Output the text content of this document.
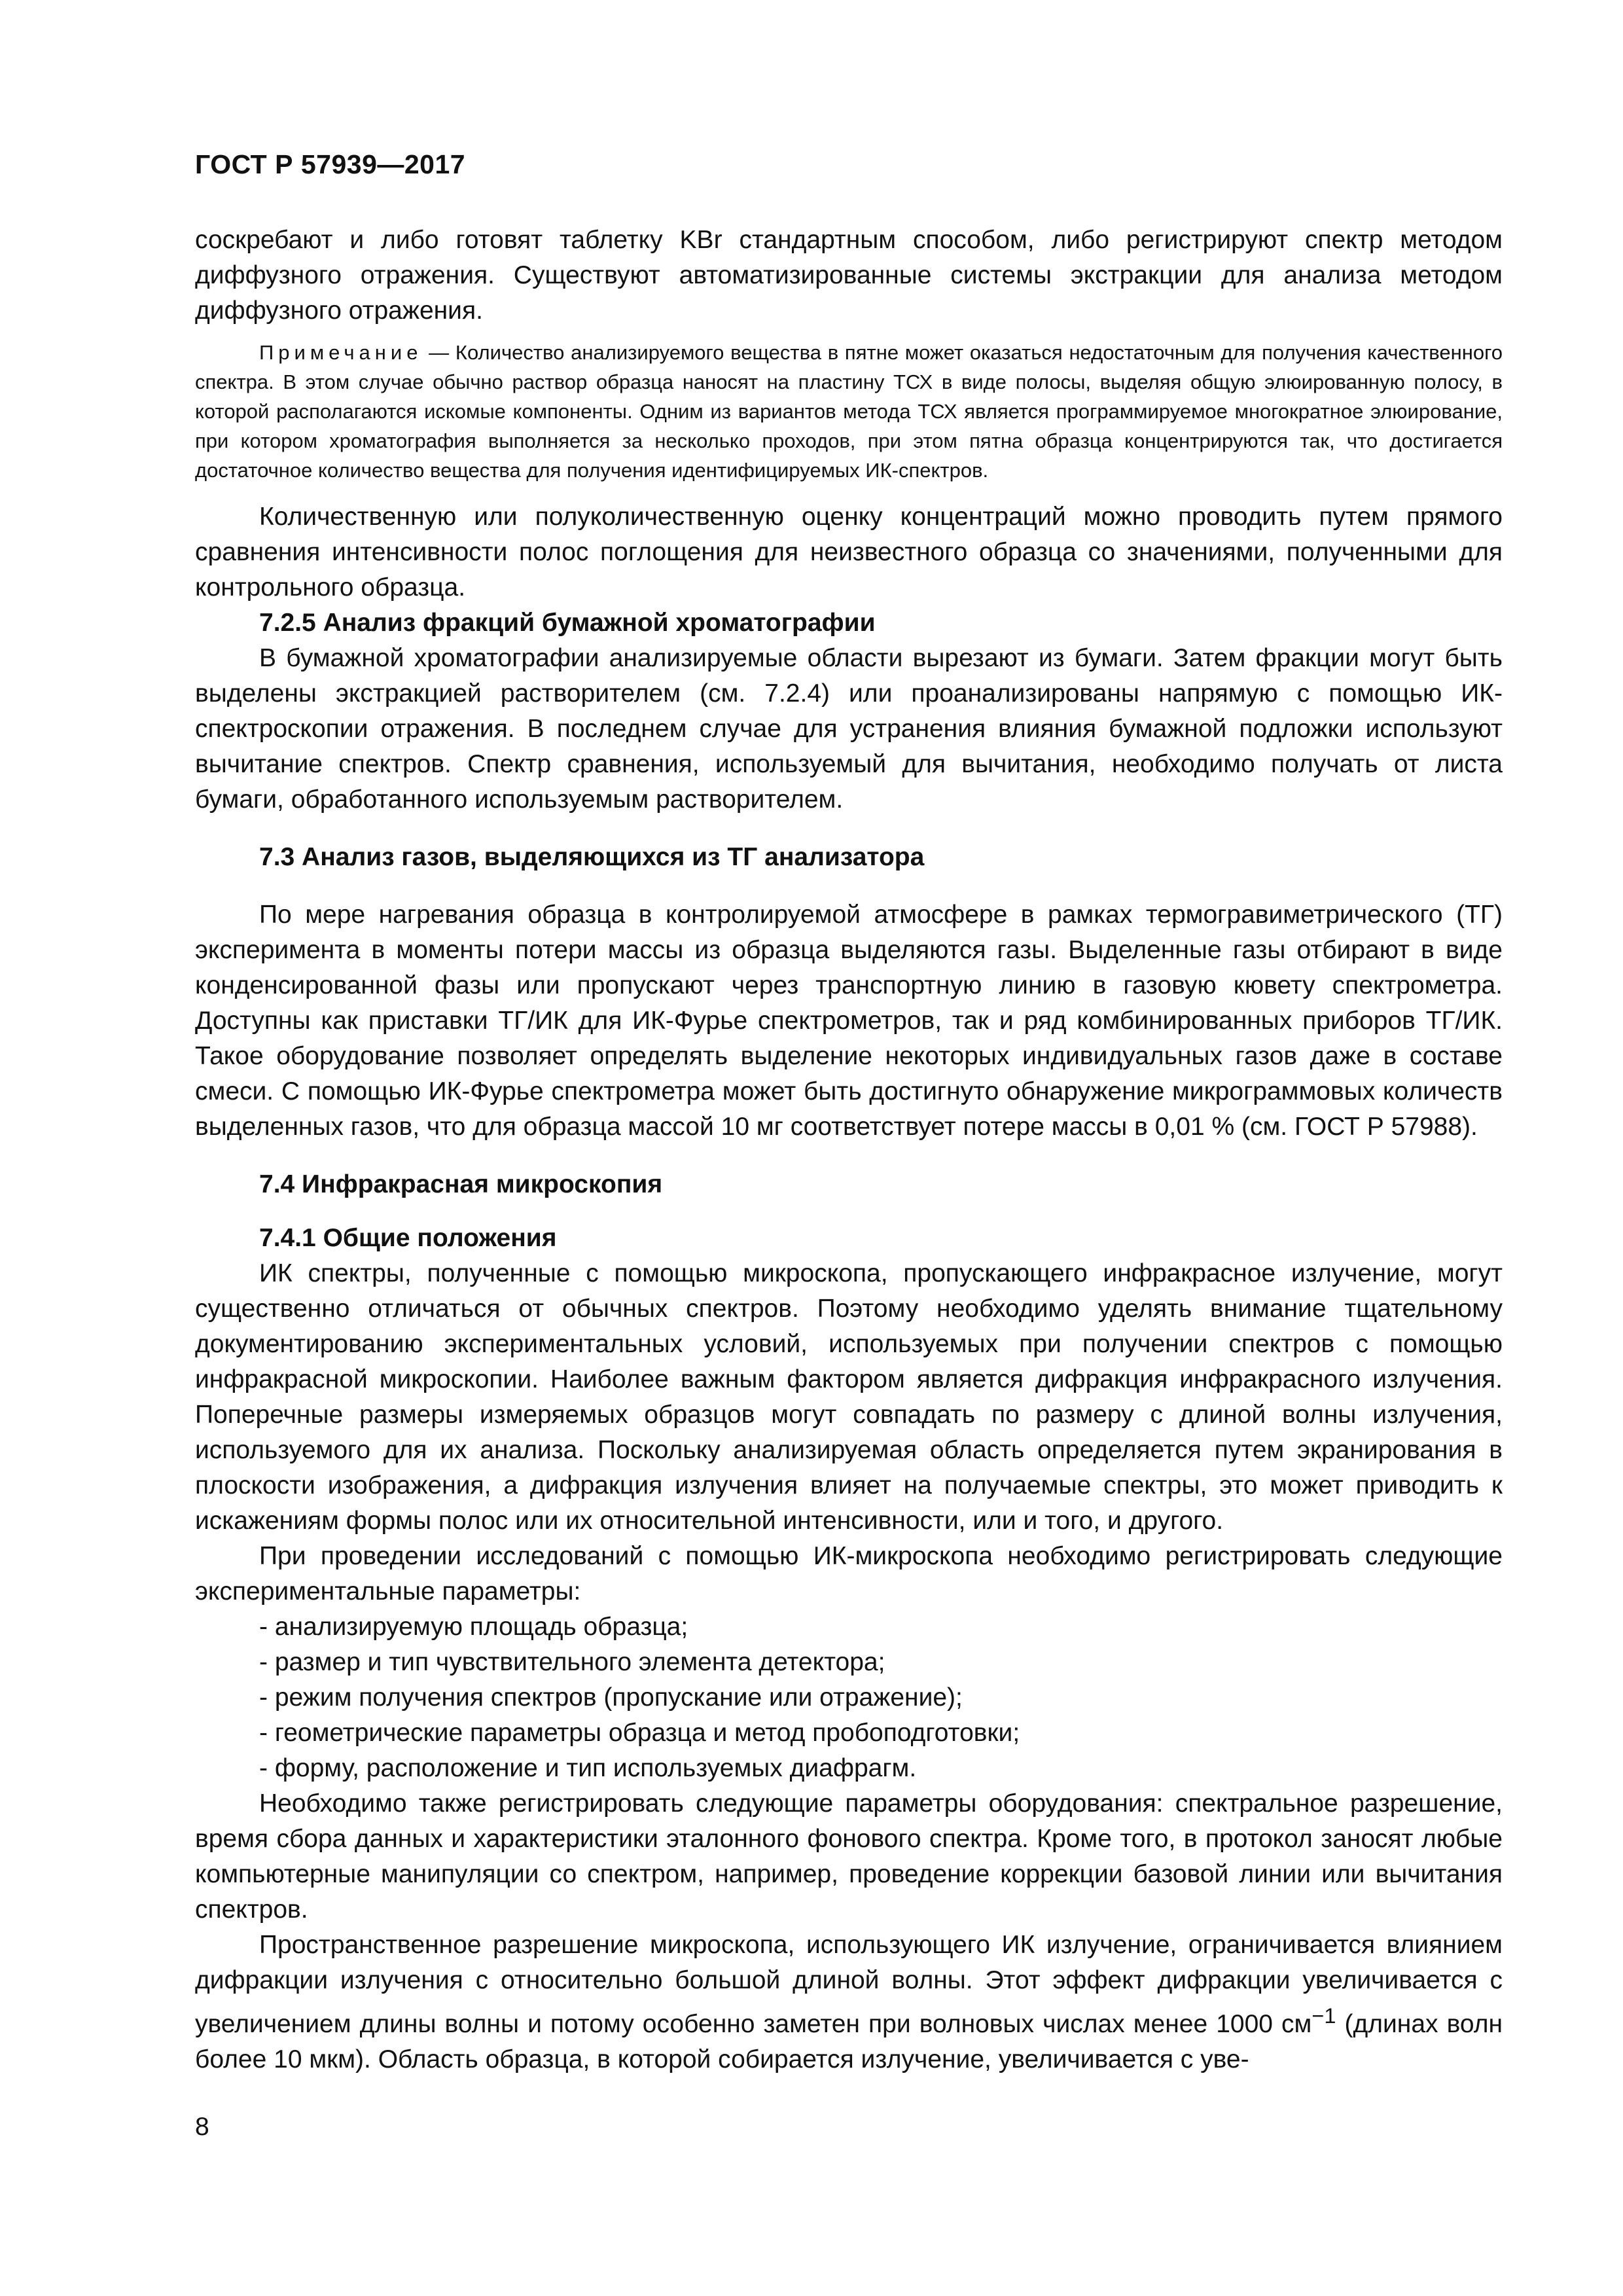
ГОСТ Р 57939—2017

соскребают и либо готовят таблетку KBr стандартным способом, либо регистрируют спектр методом диффузного отражения. Существуют автоматизированные системы экстракции для анализа методом диффузного отражения.

Примечание — Количество анализируемого вещества в пятне может оказаться недостаточным для получения качественного спектра. В этом случае обычно раствор образца наносят на пластину ТСХ в виде полосы, выделяя общую элюированную полосу, в которой располагаются искомые компоненты. Одним из вариантов метода ТСХ является программируемое многократное элюирование, при котором хроматография выполняется за несколько проходов, при этом пятна образца концентрируются так, что достигается достаточное количество вещества для получения идентифицируемых ИК-спектров.

Количественную или полуколичественную оценку концентраций можно проводить путем прямого сравнения интенсивности полос поглощения для неизвестного образца со значениями, полученными для контрольного образца.

7.2.5 Анализ фракций бумажной хроматографии

В бумажной хроматографии анализируемые области вырезают из бумаги. Затем фракции могут быть выделены экстракцией растворителем (см. 7.2.4) или проанализированы напрямую с помощью ИК-спектроскопии отражения. В последнем случае для устранения влияния бумажной подложки используют вычитание спектров. Спектр сравнения, используемый для вычитания, необходимо получать от листа бумаги, обработанного используемым растворителем.

7.3 Анализ газов, выделяющихся из ТГ анализатора

По мере нагревания образца в контролируемой атмосфере в рамках термогравиметрического (ТГ) эксперимента в моменты потери массы из образца выделяются газы. Выделенные газы отбирают в виде конденсированной фазы или пропускают через транспортную линию в газовую кювету спектрометра. Доступны как приставки ТГ/ИК для ИК-Фурье спектрометров, так и ряд комбинированных приборов ТГ/ИК. Такое оборудование позволяет определять выделение некоторых индивидуальных газов даже в составе смеси. С помощью ИК-Фурье спектрометра может быть достигнуто обнаружение микрограммовых количеств выделенных газов, что для образца массой 10 мг соответствует потере массы в 0,01 % (см. ГОСТ Р 57988).

7.4 Инфракрасная микроскопия

7.4.1 Общие положения

ИК спектры, полученные с помощью микроскопа, пропускающего инфракрасное излучение, могут существенно отличаться от обычных спектров. Поэтому необходимо уделять внимание тщательному документированию экспериментальных условий, используемых при получении спектров с помощью инфракрасной микроскопии. Наиболее важным фактором является дифракция инфракрасного излучения. Поперечные размеры измеряемых образцов могут совпадать по размеру с длиной волны излучения, используемого для их анализа. Поскольку анализируемая область определяется путем экранирования в плоскости изображения, а дифракция излучения влияет на получаемые спектры, это может приводить к искажениям формы полос или их относительной интенсивности, или и того, и другого.

При проведении исследований с помощью ИК-микроскопа необходимо регистрировать следующие экспериментальные параметры:

- анализируемую площадь образца;

- размер и тип чувствительного элемента детектора;

- режим получения спектров (пропускание или отражение);

- геометрические параметры образца и метод пробоподготовки;

- форму, расположение и тип используемых диафрагм.

Необходимо также регистрировать следующие параметры оборудования: спектральное разрешение, время сбора данных и характеристики эталонного фонового спектра. Кроме того, в протокол заносят любые компьютерные манипуляции со спектром, например, проведение коррекции базовой линии или вычитания спектров.

Пространственное разрешение микроскопа, использующего ИК излучение, ограничивается влиянием дифракции излучения с относительно большой длиной волны. Этот эффект дифракции увеличивается с увеличением длины волны и потому особенно заметен при волновых числах менее 1000 $см^{-1}$ (длинах волн более 10 мкм). Область образца, в которой собирается излучение, увеличивается с уве-

8
